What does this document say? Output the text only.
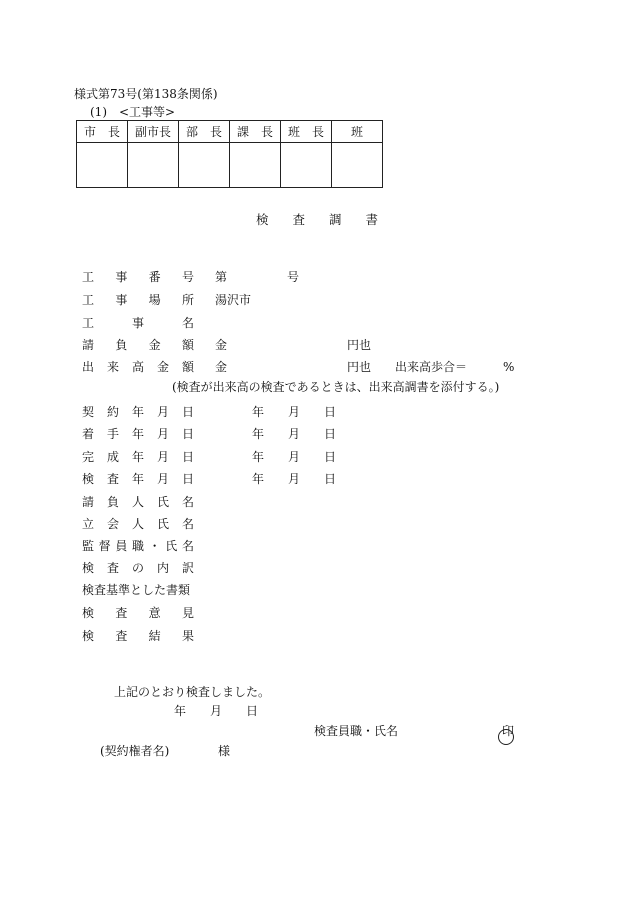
様式第73号(第138条関係)
(1)　<工事等>
市　長	副市長	部　長	課　長	班　長	班

検査調書
工 事 番 号 第　　　　　号
工 事 場 所 湯沢市
工	事	名
請 負 金 額 金　　　　　　　　　　円也
出 来 高 金 額 金　　　　　　　　　　円也　　出来高歩合＝　　　%
契 約 年 月 日	年　　月　　日
着 手 年 月 日	年　　月　　日
完 成 年 月 日	年　　月　　日
検 査 年 月 日	年　　月　　日
請 負 人 氏 名
立 会 人 氏 名
監 督 員 職 ・ 氏 名
検 査 の 内 訳
検査基準とした書類
検 査 意 見
検 査 結 果
(検査が出来高の検査であるときは、出来高調書を添付する。)
上記のとおり検査しました。
年　　月　　日
検査員職・氏名	印
(契約権者名)	様
